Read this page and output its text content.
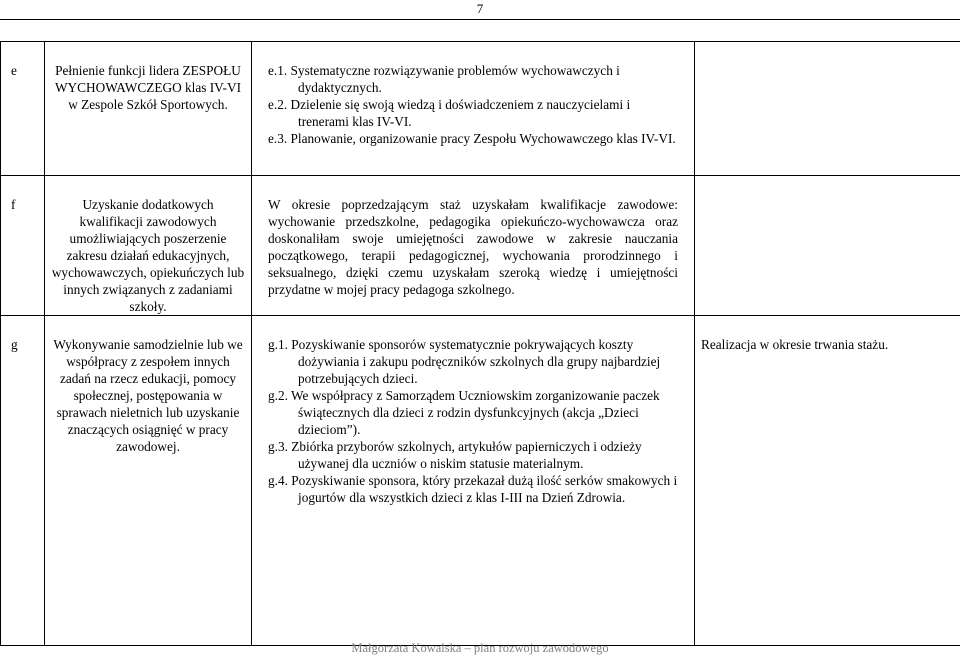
7
e	Pełnienie funkcji lidera ZESPOŁU WYCHOWAWCZEGO klas IV-VI w Zespole Szkół Sportowych.	e.1. Systematyczne rozwiązywanie problemów wychowawczych i dydaktycznych.
e.2. Dzielenie się swoją wiedzą i doświadczeniem z nauczycielami i trenerami klas IV-VI.
e.3. Planowanie, organizowanie pracy Zespołu Wychowawczego klas IV-VI.	

f	Uzyskanie dodatkowych kwalifikacji zawodowych umożliwiających poszerzenie zakresu działań edukacyjnych, wychowawczych, opiekuńczych lub innych związanych z zadaniami szkoły.	W okresie poprzedzającym staż uzyskałam kwalifikacje zawodowe: wychowanie przedszkolne, pedagogika opiekuńczo-wychowawcza oraz doskonaliłam swoje umiejętności zawodowe w zakresie nauczania początkowego, terapii pedagogicznej, wychowania prorodzinnego i seksualnego, dzięki czemu uzyskałam szeroką wiedzę i umiejętności przydatne w mojej pracy pedagoga szkolnego.	

g	Wykonywanie samodzielnie lub we współpracy z zespołem innych zadań na rzecz edukacji, pomocy społecznej, postępowania w sprawach nieletnich lub uzyskanie znaczących osiągnięć w pracy zawodowej.	g.1. Pozyskiwanie sponsorów systematycznie pokrywających koszty dożywiania i zakupu podręczników szkolnych dla grupy najbardziej potrzebujących dzieci.
g.2. We współpracy z Samorządem Uczniowskim zorganizowanie paczek świątecznych dla dzieci z rodzin dysfunkcyjnych (akcja „Dzieci dzieciom”).
g.3. Zbiórka przyborów szkolnych, artykułów papierniczych i odzieży używanej dla uczniów o niskim statusie materialnym.
g.4. Pozyskiwanie sponsora, który przekazał dużą ilość serków smakowych i jogurtów dla wszystkich dzieci z klas I-III na Dzień Zdrowia.	Realizacja w okresie trwania stażu.
Małgorzata Kowalska – plan rozwoju zawodowego
